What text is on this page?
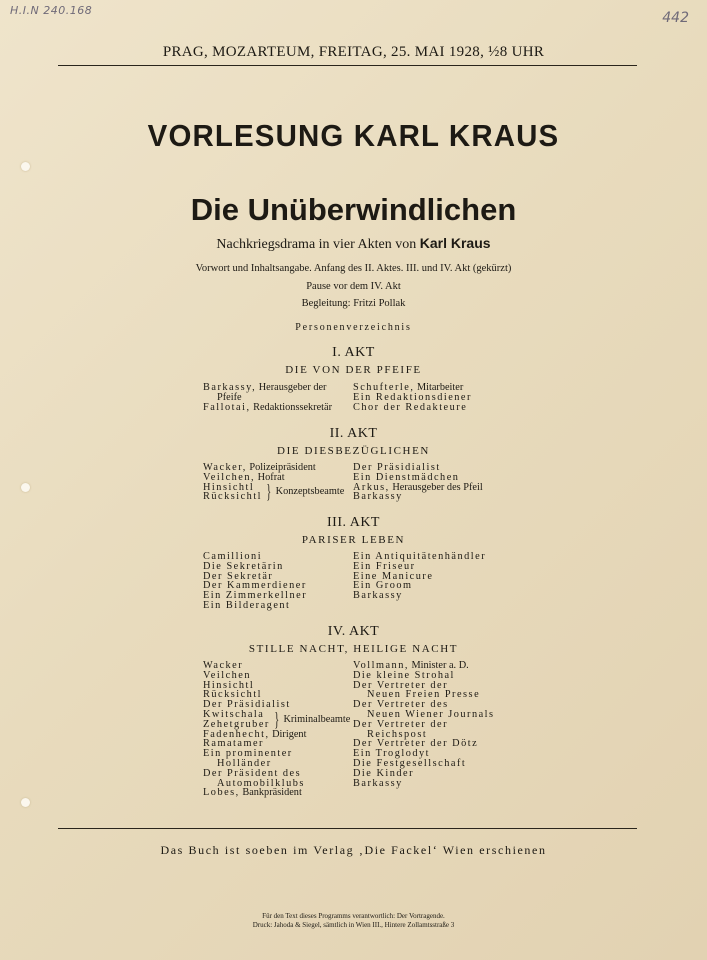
H.I.N 240.168	442
PRAG, MOZARTEUM, FREITAG, 25. MAI 1928, ½8 UHR
VORLESUNG KARL KRAUS
Die Unüberwindlichen
Nachkriegsdrama in vier Akten von Karl Kraus
Vorwort und Inhaltsangabe. Anfang des II. Aktes. III. und IV. Akt (gekürzt)
Pause vor dem IV. Akt
Begleitung: Fritzi Pollak
Personenverzeichnis
I. AKT
DIE VON DER PFEIFE
Barkassy, Herausgeber der
Pfeife
Fallotai, Redaktionssekretär
Schufterle, Mitarbeiter
Ein Redaktionsdiener
Chor der Redakteure
II. AKT
DIE DIESBEZÜGLICHEN
Wacker, Polizeipräsident
Veilchen, Hofrat
Hinsichtl
Rücksichtl } Konzeptsbeamte
Der Präsidialist
Ein Dienstmädchen
Arkus, Herausgeber des Pfeil
Barkassy
III. AKT
PARISER LEBEN
Camillioni
Die Sekretärin
Der Sekretär
Der Kammerdiener
Ein Zimmerkellner
Ein Bilderagent
Ein Antiquitätenhändler
Ein Friseur
Eine Manicure
Ein Groom
Barkassy
IV. AKT
STILLE NACHT, HEILIGE NACHT
Wacker
Veilchen
Hinsichtl
Rücksichtl
Der Präsidialist
Kwitschala
Zehetgruber } Kriminalbeamte
Fadenhecht, Dirigent
Ramatamer
Ein prominenter
Holländer
Der Präsident des
Automobilklubs
Lobes, Bankpräsident
Vollmann, Minister a. D.
Die kleine Strohal
Der Vertreter der
Neuen Freien Presse
Der Vertreter des
Neuen Wiener Journals
Der Vertreter der
Reichspost
Der Vertreter der Dötz
Ein Troglodyt
Die Festgesellschaft
Die Kinder
Barkassy
Das Buch ist soeben im Verlag ‚Die Fackel‘ Wien erschienen
Für den Text dieses Programms verantwortlich: Der Vortragende.
Druck: Jahoda & Siegel, sämtlich in Wien III., Hintere Zollamtsstraße 3
